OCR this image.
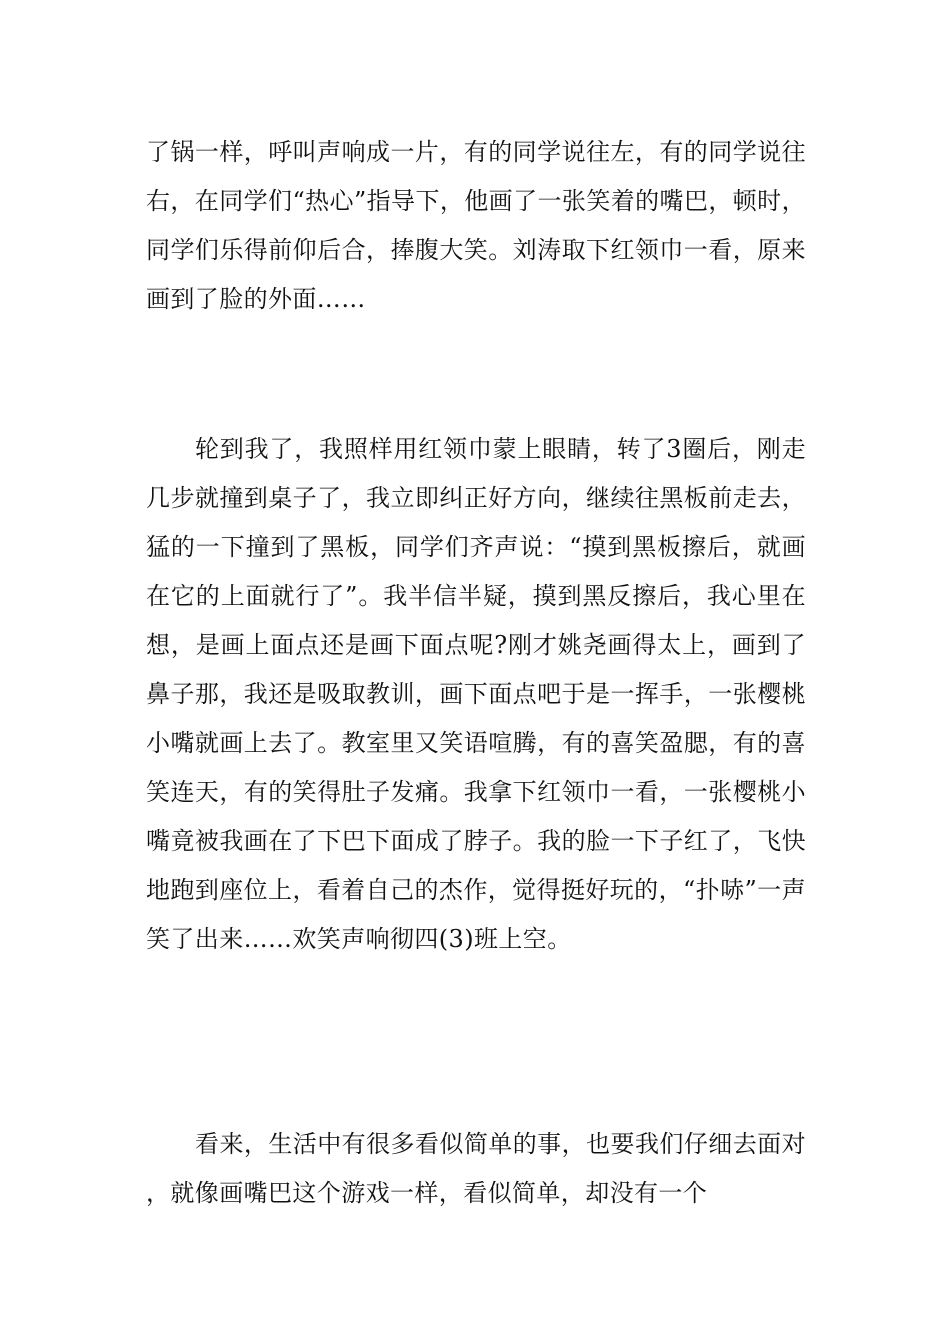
了锅一样，呼叫声响成一片，有的同学说往左，有的同学说往右，在同学们“热心”指导下，他画了一张笑着的嘴巴，顿时，同学们乐得前仰后合，捧腹大笑。刘涛取下红领巾一看，原来画到了脸的外面……

轮到我了，我照样用红领巾蒙上眼睛，转了3圈后，刚走几步就撞到桌子了，我立即纠正好方向，继续往黑板前走去，猛的一下撞到了黑板，同学们齐声说：“摸到黑板擦后，就画在它的上面就行了”。我半信半疑，摸到黑反擦后，我心里在想，是画上面点还是画下面点呢?刚才姚尧画得太上，画到了鼻子那，我还是吸取教训，画下面点吧于是一挥手，一张樱桃小嘴就画上去了。教室里又笑语喧腾，有的喜笑盈腮，有的喜笑连天，有的笑得肚子发痛。我拿下红领巾一看，一张樱桃小嘴竟被我画在了下巴下面成了脖子。我的脸一下子红了，飞快地跑到座位上，看着自己的杰作，觉得挺好玩的，“扑哧”一声笑了出来……欢笑声响彻四(3)班上空。

看来，生活中有很多看似简单的事，也要我们仔细去面对，就像画嘴巴这个游戏一样，看似简单，却没有一个
